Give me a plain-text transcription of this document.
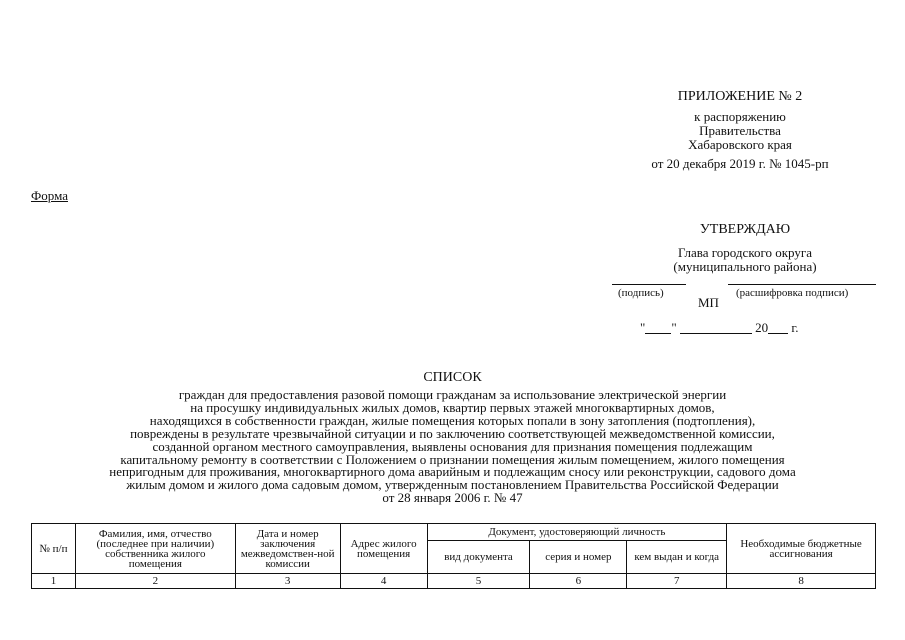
ПРИЛОЖЕНИЕ № 2
к распоряжению
Правительства
Хабаровского края
от 20 декабря 2019 г. № 1045-рп
Форма
УТВЕРЖДАЮ
Глава городского округа
(муниципального района)
(подпись)	(расшифровка подписи)
МП
" "	20 г.
СПИСОК
граждан для предоставления разовой помощи гражданам за использование электрической энергии
на просушку индивидуальных жилых домов, квартир первых этажей многоквартирных домов,
находящихся в собственности граждан, жилые помещения которых попали в зону затопления (подтопления),
повреждены в результате чрезвычайной ситуации и по заключению соответствующей межведомственной комиссии,
созданной органом местного самоуправления, выявлены основания для признания помещения подлежащим
капитальному ремонту в соответствии с Положением о признании помещения жилым помещением, жилого помещения
непригодным для проживания, многоквартирного дома аварийным и подлежащим сносу или реконструкции, садового дома
жилым домом и жилого дома садовым домом, утвержденным постановлением Правительства Российской Федерации
от 28 января 2006 г. № 47
№ п/п	Фамилия, имя, отчество (последнее при наличии) собственника жилого помещения	Дата и номер заключения межведомствен-ной комиссии	Адрес жилого помещения	Документ, удостоверяющий личность			Необходимые бюджетные ассигнования
				вид документа	серия и номер	кем выдан и когда	
1	2	3	4	5	6	7	8
